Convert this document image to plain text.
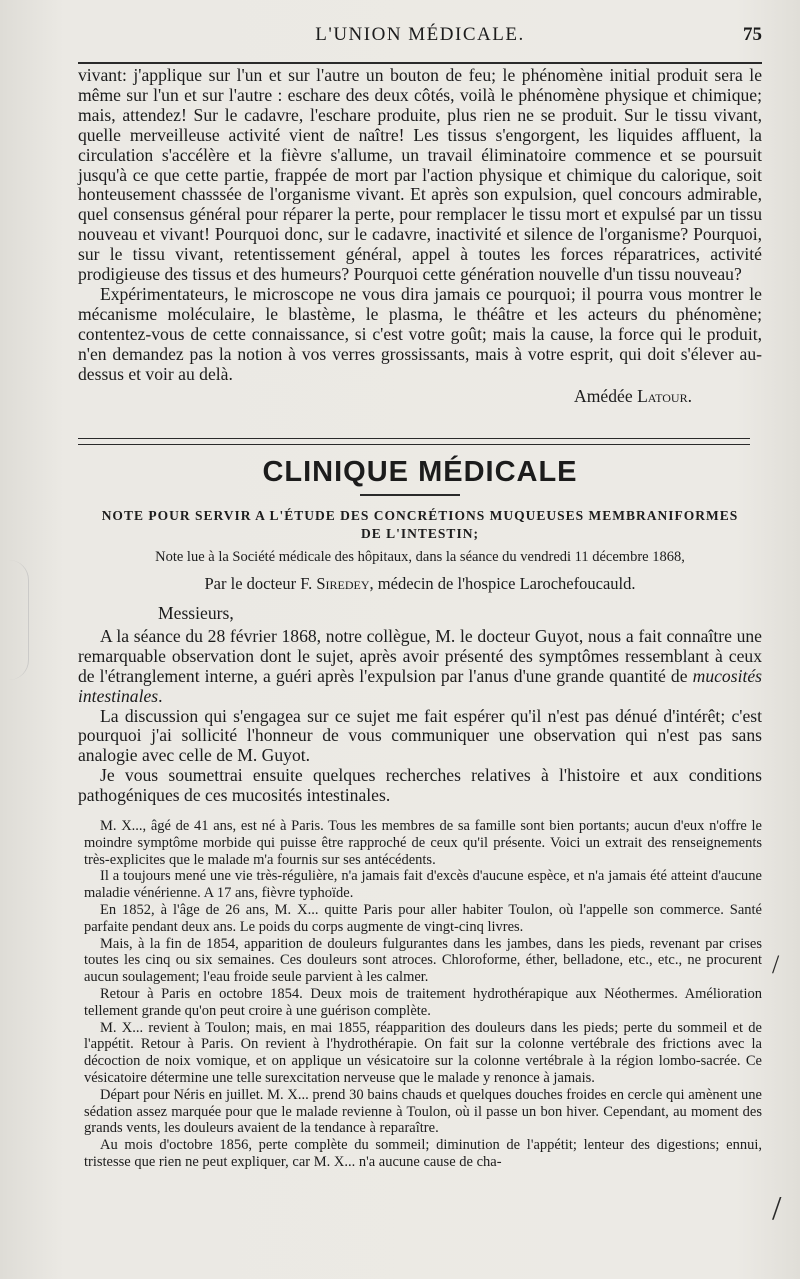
L'UNION MÉDICALE.	75

vivant: j'applique sur l'un et sur l'autre un bouton de feu; le phénomène initial produit sera le même sur l'un et sur l'autre : eschare des deux côtés, voilà le phénomène physique et chimique; mais, attendez! Sur le cadavre, l'eschare produite, plus rien ne se produit. Sur le tissu vivant, quelle merveilleuse activité vient de naître! Les tissus s'engorgent, les liquides affluent, la circulation s'accélère et la fièvre s'allume, un travail éliminatoire commence et se poursuit jusqu'à ce que cette partie, frappée de mort par l'action physique et chimique du calorique, soit honteusement chasssée de l'organisme vivant. Et après son expulsion, quel concours admirable, quel consensus général pour réparer la perte, pour remplacer le tissu mort et expulsé par un tissu nouveau et vivant! Pourquoi donc, sur le cadavre, inactivité et silence de l'organisme? Pourquoi, sur le tissu vivant, retentissement général, appel à toutes les forces réparatrices, activité prodigieuse des tissus et des humeurs? Pourquoi cette génération nouvelle d'un tissu nouveau?

Expérimentateurs, le microscope ne vous dira jamais ce pourquoi; il pourra vous montrer le mécanisme moléculaire, le blastème, le plasma, le théâtre et les acteurs du phénomène; contentez-vous de cette connaissance, si c'est votre goût; mais la cause, la force qui le produit, n'en demandez pas la notion à vos verres grossissants, mais à votre esprit, qui doit s'élever au-dessus et voir au delà.

Amédée Latour.

CLINIQUE MÉDICALE
NOTE POUR SERVIR A L'ÉTUDE DES CONCRÉTIONS MUQUEUSES MEMBRANIFORMES
DE L'INTESTIN;
Note lue à la Société médicale des hôpitaux, dans la séance du vendredi 11 décembre 1868,
Par le docteur F. Siredey, médecin de l'hospice Larochefoucauld.

Messieurs,

A la séance du 28 février 1868, notre collègue, M. le docteur Guyot, nous a fait connaître une remarquable observation dont le sujet, après avoir présenté des symptômes ressemblant à ceux de l'étranglement interne, a guéri après l'expulsion par l'anus d'une grande quantité de mucosités intestinales.

La discussion qui s'engagea sur ce sujet me fait espérer qu'il n'est pas dénué d'intérêt; c'est pourquoi j'ai sollicité l'honneur de vous communiquer une observation qui n'est pas sans analogie avec celle de M. Guyot.

Je vous soumettrai ensuite quelques recherches relatives à l'histoire et aux conditions pathogéniques de ces mucosités intestinales.

M. X..., âgé de 41 ans, est né à Paris. Tous les membres de sa famille sont bien portants; aucun d'eux n'offre le moindre symptôme morbide qui puisse être rapproché de ceux qu'il présente. Voici un extrait des renseignements très-explicites que le malade m'a fournis sur ses antécédents.

Il a toujours mené une vie très-régulière, n'a jamais fait d'excès d'aucune espèce, et n'a jamais été atteint d'aucune maladie vénérienne. A 17 ans, fièvre typhoïde.

En 1852, à l'âge de 26 ans, M. X... quitte Paris pour aller habiter Toulon, où l'appelle son commerce. Santé parfaite pendant deux ans. Le poids du corps augmente de vingt-cinq livres.

Mais, à la fin de 1854, apparition de douleurs fulgurantes dans les jambes, dans les pieds, revenant par crises toutes les cinq ou six semaines. Ces douleurs sont atroces. Chloroforme, éther, belladone, etc., etc., ne procurent aucun soulagement; l'eau froide seule parvient à les calmer.

Retour à Paris en octobre 1854. Deux mois de traitement hydrothérapique aux Néothermes. Amélioration tellement grande qu'on peut croire à une guérison complète.

M. X... revient à Toulon; mais, en mai 1855, réapparition des douleurs dans les pieds; perte du sommeil et de l'appétit. Retour à Paris. On revient à l'hydrothérapie. On fait sur la colonne vertébrale des frictions avec la décoction de noix vomique, et on applique un vésicatoire sur la colonne vertébrale à la région lombo-sacrée. Ce vésicatoire détermine une telle surexcitation nerveuse que le malade y renonce à jamais.

Départ pour Néris en juillet. M. X... prend 30 bains chauds et quelques douches froides en cercle qui amènent une sédation assez marquée pour que le malade revienne à Toulon, où il passe un bon hiver. Cependant, au moment des grands vents, les douleurs avaient de la tendance à reparaître.

Au mois d'octobre 1856, perte complète du sommeil; diminution de l'appétit; lenteur des digestions; ennui, tristesse que rien ne peut expliquer, car M. X... n'a aucune cause de cha-

/
/
